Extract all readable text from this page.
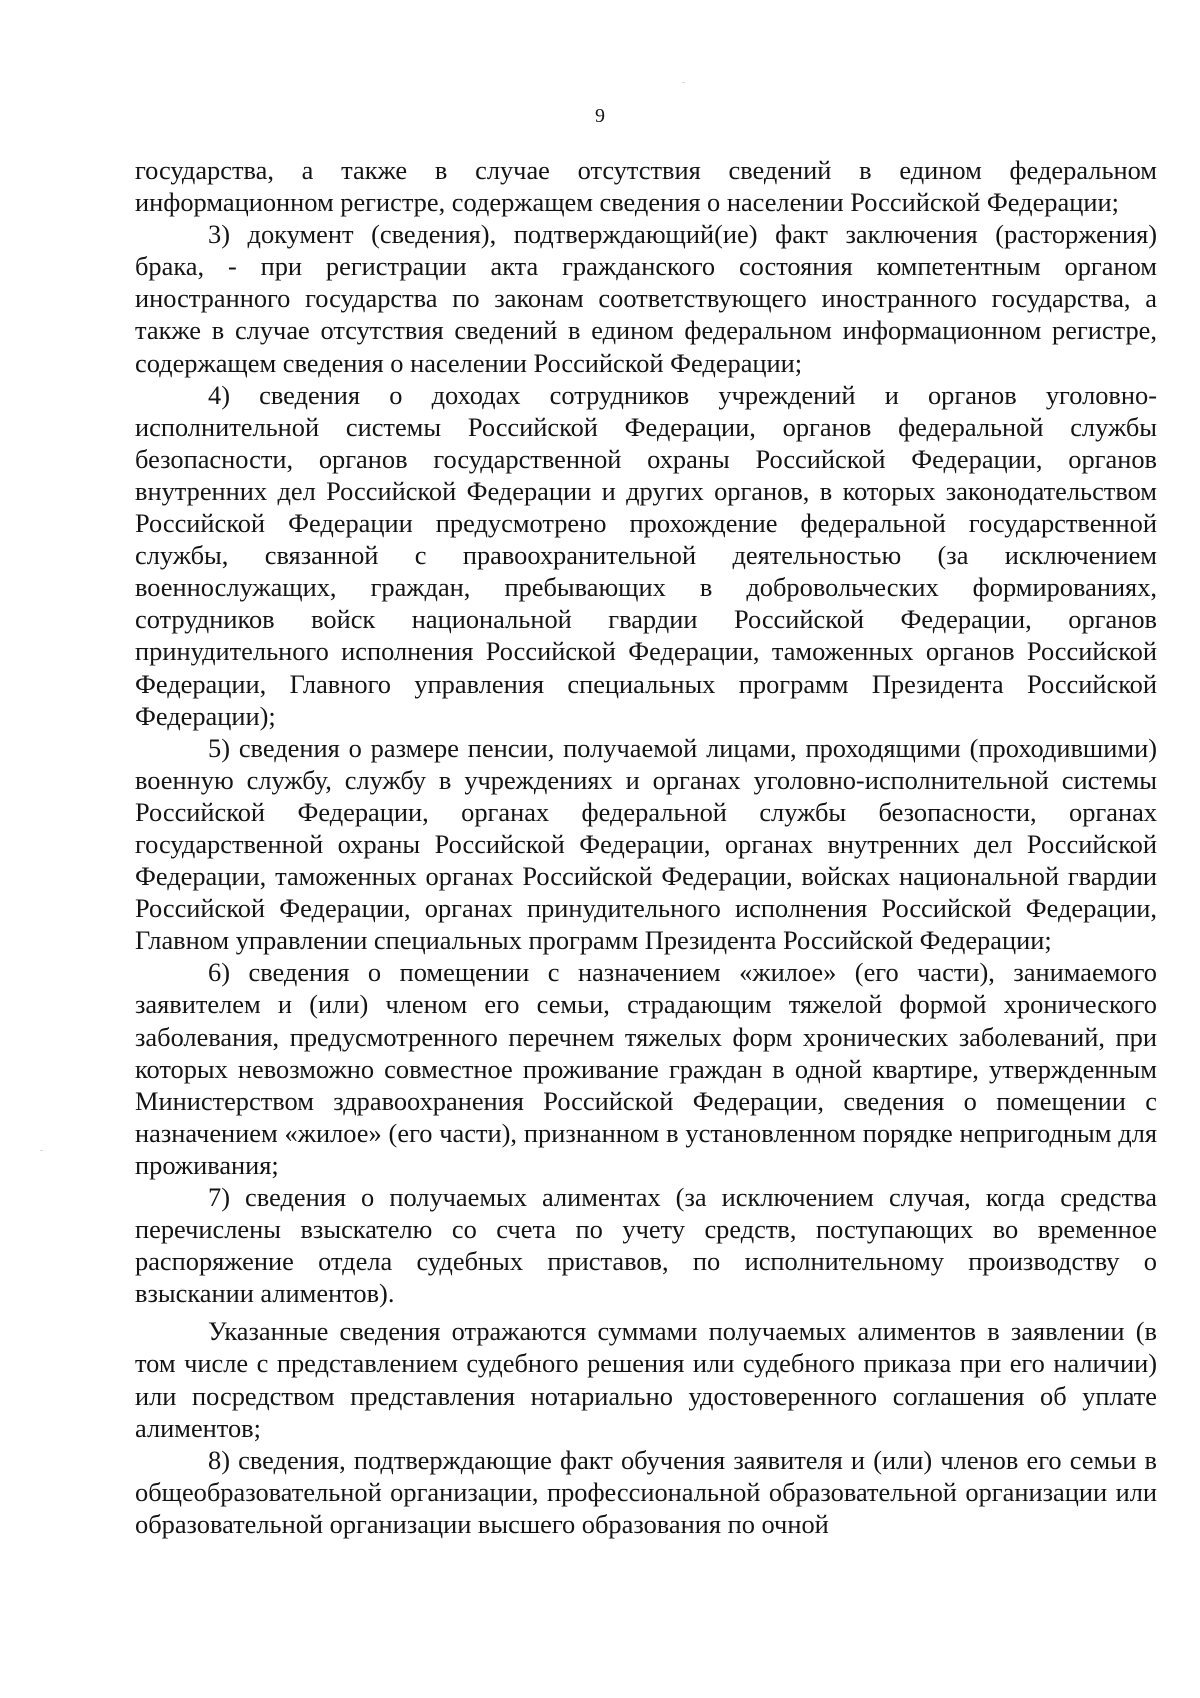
9

государства, а также в случае отсутствия сведений в едином федеральном информационном регистре, содержащем сведения о населении Российской Федерации;

3) документ (сведения), подтверждающий(ие) факт заключения (расторжения) брака, - при регистрации акта гражданского состояния компетентным органом иностранного государства по законам соответствующего иностранного государства, а также в случае отсутствия сведений в едином федеральном информационном регистре, содержащем сведения о населении Российской Федерации;

4) сведения о доходах сотрудников учреждений и органов уголовно-исполнительной системы Российской Федерации, органов федеральной службы безопасности, органов государственной охраны Российской Федерации, органов внутренних дел Российской Федерации и других органов, в которых законодательством Российской Федерации предусмотрено прохождение федеральной государственной службы, связанной с правоохранительной деятельностью (за исключением военнослужащих, граждан, пребывающих в добровольческих формированиях, сотрудников войск национальной гвардии Российской Федерации, органов принудительного исполнения Российской Федерации, таможенных органов Российской Федерации, Главного управления специальных программ Президента Российской Федерации);

5) сведения о размере пенсии, получаемой лицами, проходящими (проходившими) военную службу, службу в учреждениях и органах уголовно-исполнительной системы Российской Федерации, органах федеральной службы безопасности, органах государственной охраны Российской Федерации, органах внутренних дел Российской Федерации, таможенных органах Российской Федерации, войсках национальной гвардии Российской Федерации, органах принудительного исполнения Российской Федерации, Главном управлении специальных программ Президента Российской Федерации;

6) сведения о помещении с назначением «жилое» (его части), занимаемого заявителем и (или) членом его семьи, страдающим тяжелой формой хронического заболевания, предусмотренного перечнем тяжелых форм хронических заболеваний, при которых невозможно совместное проживание граждан в одной квартире, утвержденным Министерством здравоохранения Российской Федерации, сведения о помещении с назначением «жилое» (его части), признанном в установленном порядке непригодным для проживания;

7) сведения о получаемых алиментах (за исключением случая, когда средства перечислены взыскателю со счета по учету средств, поступающих во временное распоряжение отдела судебных приставов, по исполнительному производству о взыскании алиментов).

Указанные сведения отражаются суммами получаемых алиментов в заявлении (в том числе с представлением судебного решения или судебного приказа при его наличии) или посредством представления нотариально удостоверенного соглашения об уплате алиментов;

8) сведения, подтверждающие факт обучения заявителя и (или) членов его семьи в общеобразовательной организации, профессиональной образовательной организации или образовательной организации высшего образования по очной
